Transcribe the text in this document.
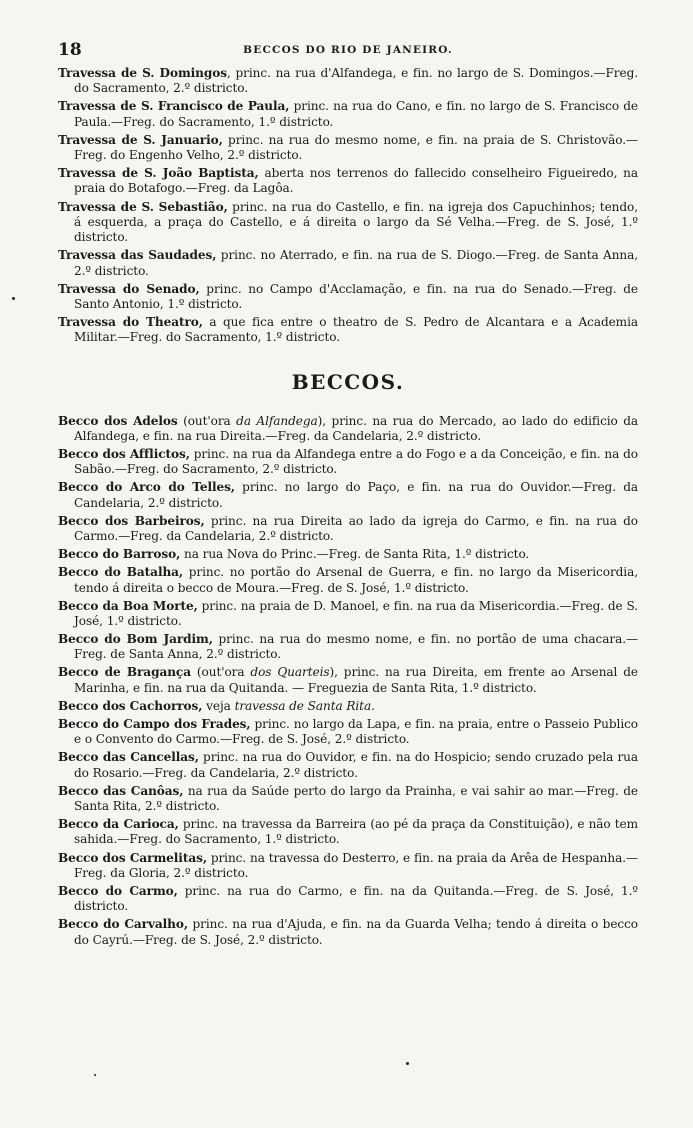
18	BECCOS DO RIO DE JANEIRO.

Travessa de S. Domingos, princ. na rua d'Alfandega, e fin. no largo de S. Domingos.—Freg. do Sacramento, 2.º districto.

Travessa de S. Francisco de Paula, princ. na rua do Cano, e fin. no largo de S. Francisco de Paula.—Freg. do Sacramento, 1.º districto.

Travessa de S. Januario, princ. na rua do mesmo nome, e fin. na praia de S. Christovão.—Freg. do Engenho Velho, 2.º districto.

Travessa de S. João Baptista, aberta nos terrenos do fallecido conselheiro Figueiredo, na praia do Botafogo.—Freg. da Lagôa.

Travessa de S. Sebastião, princ. na rua do Castello, e fin. na igreja dos Capuchinhos; tendo, á esquerda, a praça do Castello, e á direita o largo da Sé Velha.—Freg. de S. José, 1.º districto.

Travessa das Saudades, princ. no Aterrado, e fin. na rua de S. Diogo.—Freg. de Santa Anna, 2.º districto.

Travessa do Senado, princ. no Campo d'Acclamação, e fin. na rua do Senado.—Freg. de Santo Antonio, 1.º districto.

Travessa do Theatro, a que fica entre o theatro de S. Pedro de Alcantara e a Academia Militar.—Freg. do Sacramento, 1.º districto.

BECCOS.

Becco dos Adelos (out'ora da Alfandega), princ. na rua do Mercado, ao lado do edificio da Alfandega, e fin. na rua Direita.—Freg. da Candelaria, 2.º districto.

Becco dos Afflictos, princ. na rua da Alfandega entre a do Fogo e a da Conceição, e fin. na do Sabão.—Freg. do Sacramento, 2.º districto.

Becco do Arco do Telles, princ. no largo do Paço, e fin. na rua do Ouvidor.—Freg. da Candelaria, 2.º districto.

Becco dos Barbeiros, princ. na rua Direita ao lado da igreja do Carmo, e fin. na rua do Carmo.—Freg. da Candelaria, 2.º districto.

Becco do Barroso, na rua Nova do Princ.—Freg. de Santa Rita, 1.º districto.

Becco do Batalha, princ. no portão do Arsenal de Guerra, e fin. no largo da Misericordia, tendo á direita o becco de Moura.—Freg. de S. José, 1.º districto.

Becco da Boa Morte, princ. na praia de D. Manoel, e fin. na rua da Misericordia.—Freg. de S. José, 1.º districto.

Becco do Bom Jardim, princ. na rua do mesmo nome, e fin. no portão de uma chacara.—Freg. de Santa Anna, 2.º districto.

Becco de Bragança (out'ora dos Quarteis), princ. na rua Direita, em frente ao Arsenal de Marinha, e fin. na rua da Quitanda. — Freguezia de Santa Rita, 1.º districto.

Becco dos Cachorros, veja travessa de Santa Rita.

Becco do Campo dos Frades, princ. no largo da Lapa, e fin. na praia, entre o Passeio Publico e o Convento do Carmo.—Freg. de S. José, 2.º districto.

Becco das Cancellas, princ. na rua do Ouvidor, e fin. na do Hospicio; sendo cruzado pela rua do Rosario.—Freg. da Candelaria, 2.º districto.

Becco das Canôas, na rua da Saúde perto do largo da Prainha, e vai sahir ao mar.—Freg. de Santa Rita, 2.º districto.

Becco da Carioca, princ. na travessa da Barreira (ao pé da praça da Constituição), e não tem sahida.—Freg. do Sacramento, 1.º districto.

Becco dos Carmelitas, princ. na travessa do Desterro, e fin. na praia da Arêa de Hespanha.—Freg. da Gloria, 2.º districto.

Becco do Carmo, princ. na rua do Carmo, e fin. na da Quitanda.—Freg. de S. José, 1.º districto.

Becco do Carvalho, princ. na rua d'Ajuda, e fin. na da Guarda Velha; tendo á direita o becco do Cayrú.—Freg. de S. José, 2.º districto.
